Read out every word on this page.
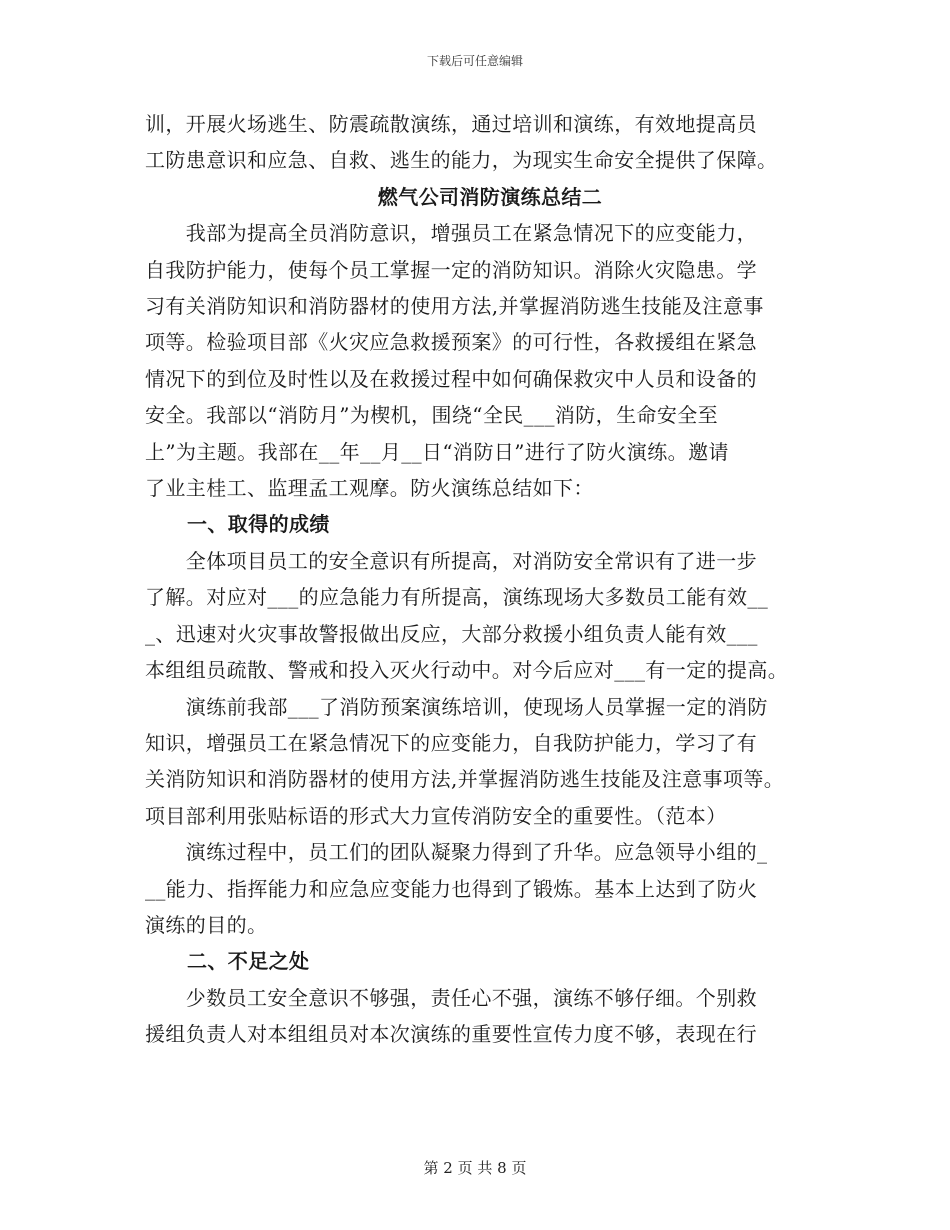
下载后可任意编辑
训，开展火场逃生、防震疏散演练，通过培训和演练，有效地提高员
工防患意识和应急、自救、逃生的能力，为现实生命安全提供了保障。
燃气公司消防演练总结二
　　我部为提高全员消防意识，增强员工在紧急情况下的应变能力，
自我防护能力，使每个员工掌握一定的消防知识。消除火灾隐患。学
习有关消防知识和消防器材的使用方法,并掌握消防逃生技能及注意事
项等。检验项目部《火灾应急救援预案》的可行性，各救援组在紧急
情况下的到位及时性以及在救援过程中如何确保救灾中人员和设备的
安全。我部以“消防月”为楔机，围绕“全民___消防，生命安全至
上”为主题。我部在__年__月__日“消防日”进行了防火演练。邀请
了业主桂工、监理孟工观摩。防火演练总结如下：
一、取得的成绩
　　全体项目员工的安全意识有所提高，对消防安全常识有了进一步
了解。对应对___的应急能力有所提高，演练现场大多数员工能有效__
_、迅速对火灾事故警报做出反应，大部分救援小组负责人能有效___
本组组员疏散、警戒和投入灭火行动中。对今后应对___有一定的提高。
　　演练前我部___了消防预案演练培训，使现场人员掌握一定的消防
知识，增强员工在紧急情况下的应变能力，自我防护能力，学习了有
关消防知识和消防器材的使用方法,并掌握消防逃生技能及注意事项等。
项目部利用张贴标语的形式大力宣传消防安全的重要性。（范本）
　　演练过程中，员工们的团队凝聚力得到了升华。应急领导小组的_
__能力、指挥能力和应急应变能力也得到了锻炼。基本上达到了防火
演练的目的。
二、不足之处
　　少数员工安全意识不够强，责任心不强，演练不够仔细。个别救
援组负责人对本组组员对本次演练的重要性宣传力度不够，表现在行
第 2 页 共 8 页
